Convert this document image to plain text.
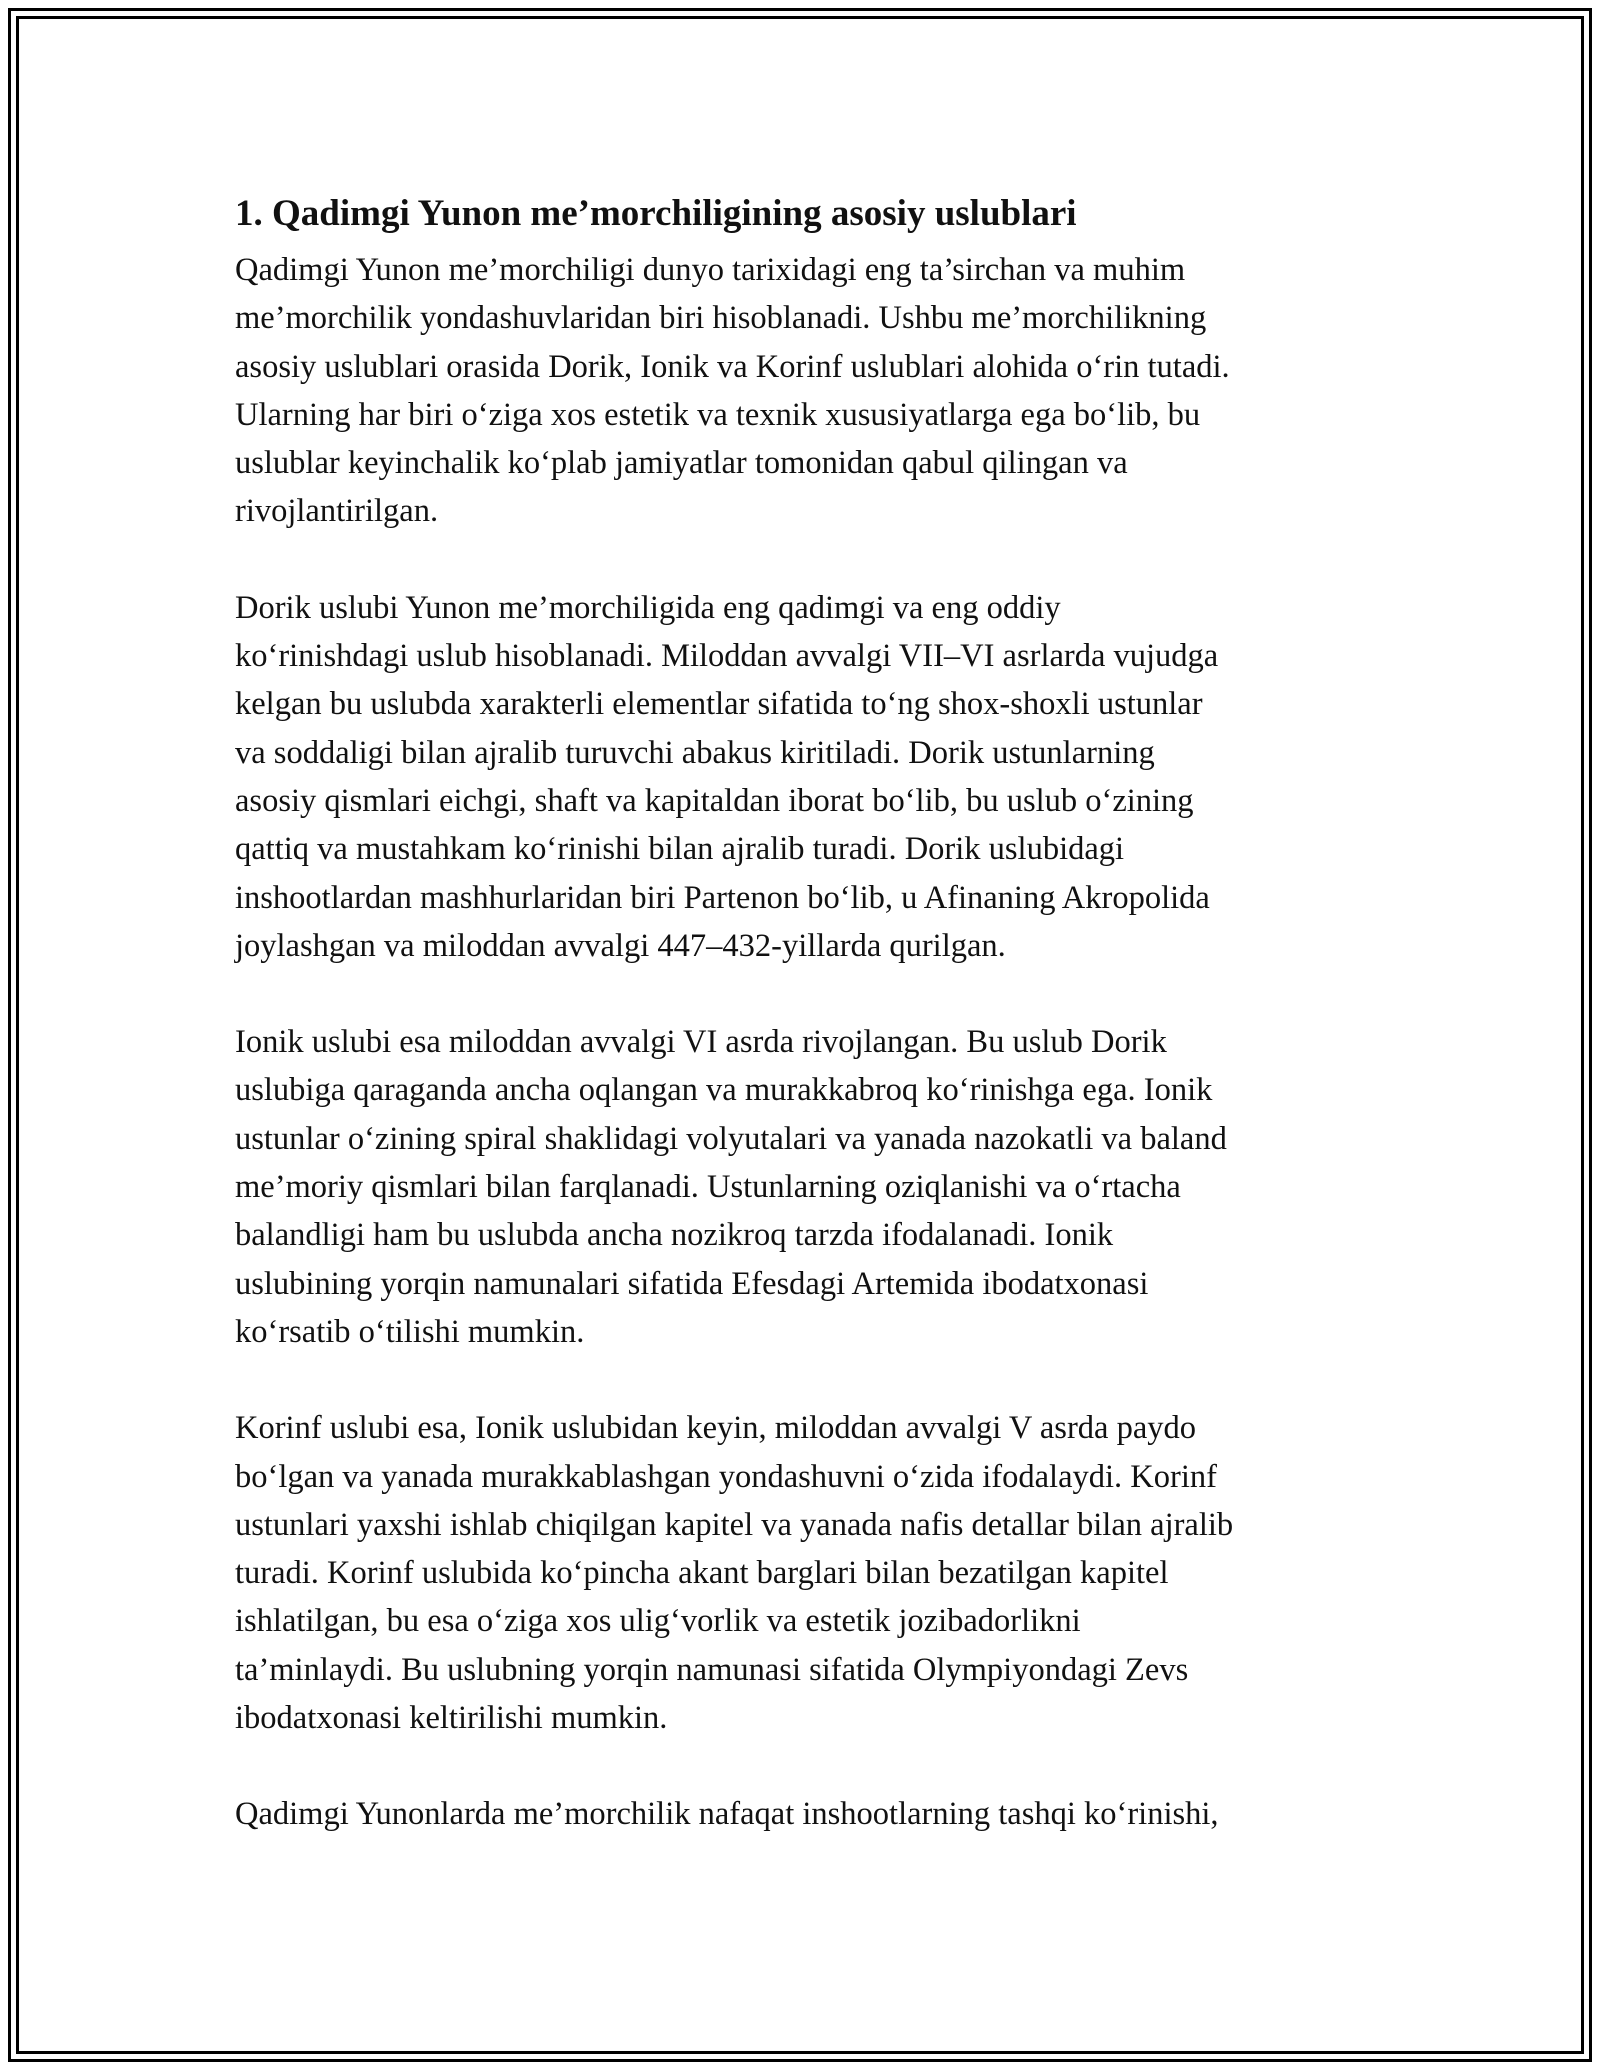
1. Qadimgi Yunon me’morchiligining asosiy uslublari
Qadimgi Yunon me’morchiligi dunyo tarixidagi eng ta’sirchan va muhim
me’morchilik yondashuvlaridan biri hisoblanadi. Ushbu me’morchilikning
asosiy uslublari orasida Dorik, Ionik va Korinf uslublari alohida oʻrin tutadi.
Ularning har biri oʻziga xos estetik va texnik xususiyatlarga ega boʻlib, bu
uslublar keyinchalik koʻplab jamiyatlar tomonidan qabul qilingan va
rivojlantirilgan.
Dorik uslubi Yunon me’morchiligida eng qadimgi va eng oddiy
koʻrinishdagi uslub hisoblanadi. Miloddan avvalgi VII–VI asrlarda vujudga
kelgan bu uslubda xarakterli elementlar sifatida toʻng shox-shoxli ustunlar
va soddaligi bilan ajralib turuvchi abakus kiritiladi. Dorik ustunlarning
asosiy qismlari eichgi, shaft va kapitaldan iborat boʻlib, bu uslub oʻzining
qattiq va mustahkam koʻrinishi bilan ajralib turadi. Dorik uslubidagi
inshootlardan mashhurlaridan biri Partenon boʻlib, u Afinaning Akropolida
joylashgan va miloddan avvalgi 447–432-yillarda qurilgan.
Ionik uslubi esa miloddan avvalgi VI asrda rivojlangan. Bu uslub Dorik
uslubiga qaraganda ancha oqlangan va murakkabroq koʻrinishga ega. Ionik
ustunlar oʻzining spiral shaklidagi volyutalari va yanada nazokatli va baland
me’moriy qismlari bilan farqlanadi. Ustunlarning oziqlanishi va oʻrtacha
balandligi ham bu uslubda ancha nozikroq tarzda ifodalanadi. Ionik
uslubining yorqin namunalari sifatida Efesdagi Artemida ibodatxonasi
koʻrsatib oʻtilishi mumkin.
Korinf uslubi esa, Ionik uslubidan keyin, miloddan avvalgi V asrda paydo
boʻlgan va yanada murakkablashgan yondashuvni oʻzida ifodalaydi. Korinf
ustunlari yaxshi ishlab chiqilgan kapitel va yanada nafis detallar bilan ajralib
turadi. Korinf uslubida koʻpincha akant barglari bilan bezatilgan kapitel
ishlatilgan, bu esa oʻziga xos uligʻvorlik va estetik jozibadorlikni
ta’minlaydi. Bu uslubning yorqin namunasi sifatida Olympiyondagi Zevs
ibodatxonasi keltirilishi mumkin.
Qadimgi Yunonlarda me’morchilik nafaqat inshootlarning tashqi koʻrinishi,
